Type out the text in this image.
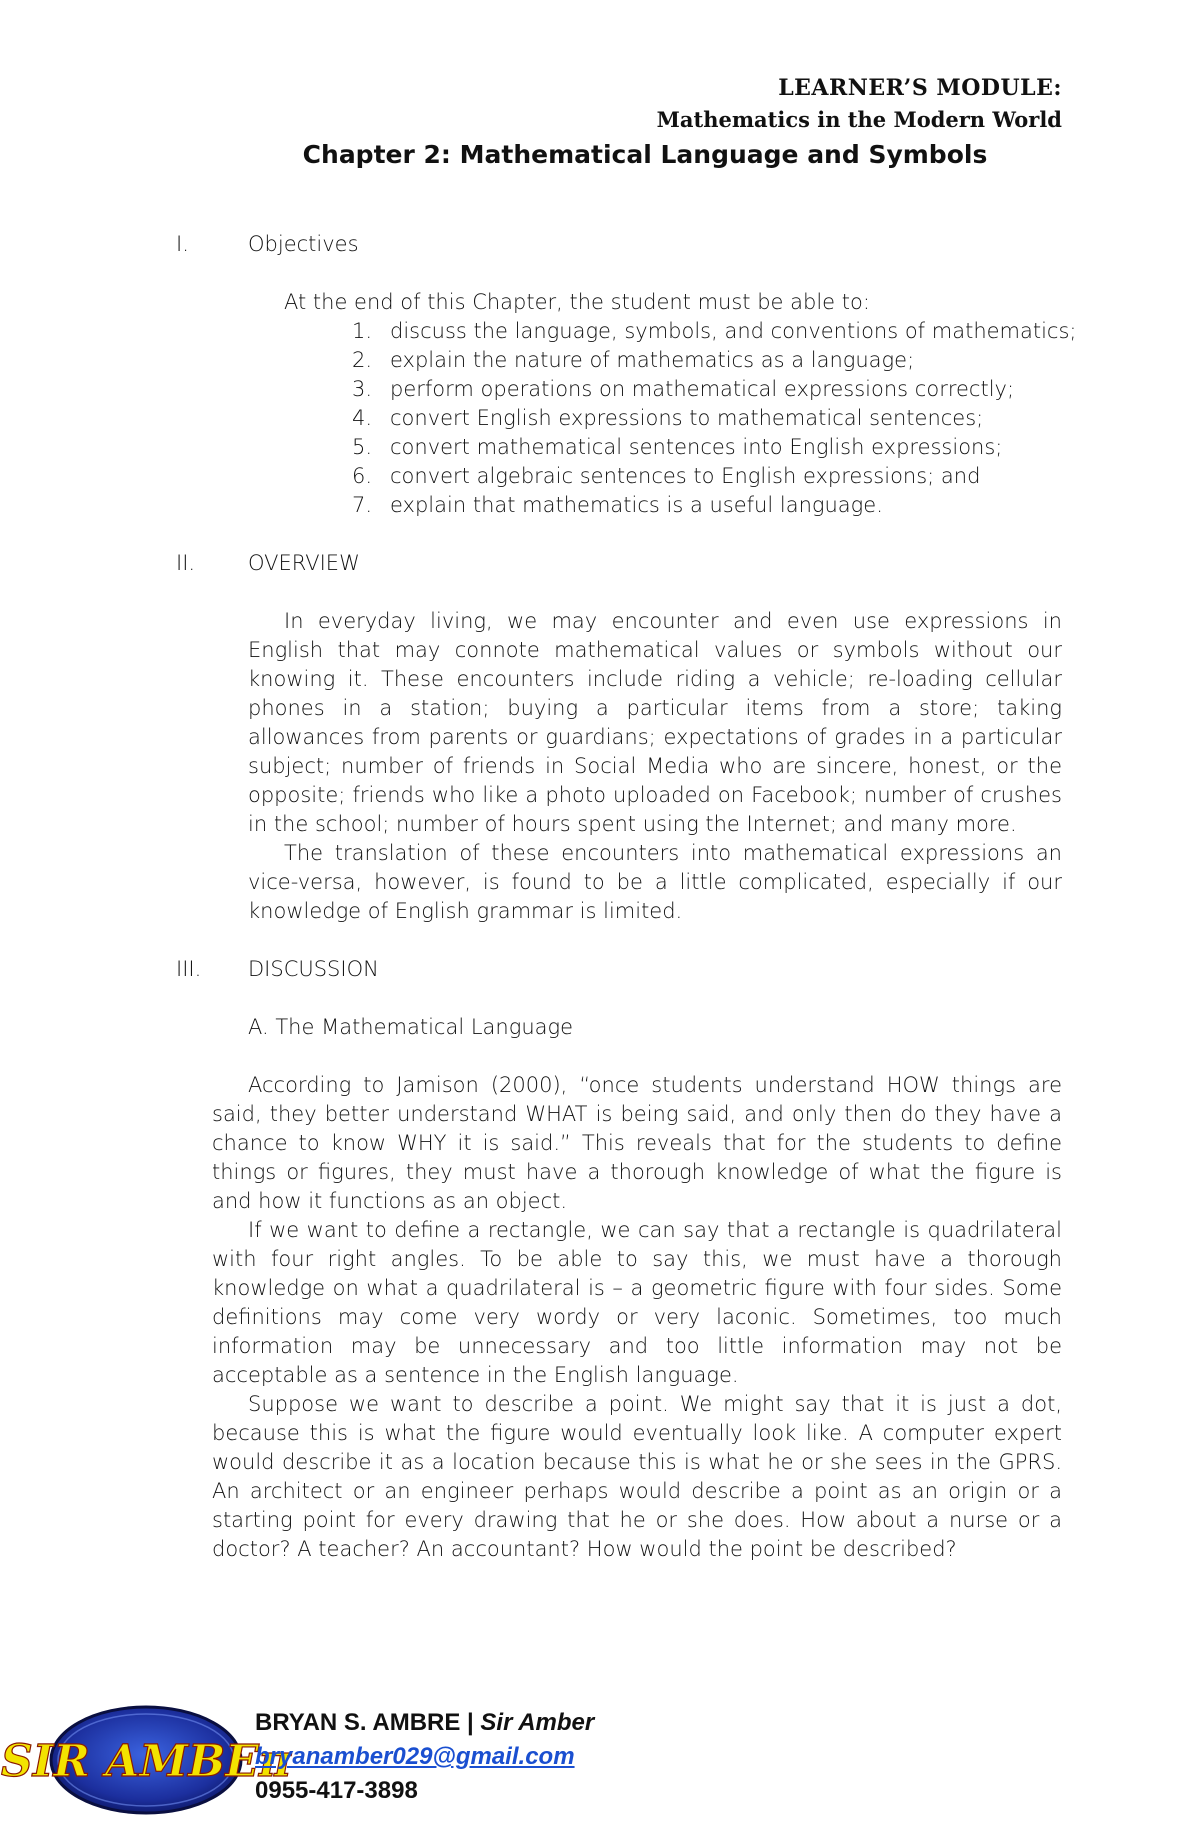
LEARNER’S MODULE:
Mathematics in the Modern World
Chapter 2: Mathematical Language and Symbols
I.	Objectives
At the end of this Chapter, the student must be able to:
1. discuss the language, symbols, and conventions of mathematics;
2. explain the nature of mathematics as a language;
3. perform operations on mathematical expressions correctly;
4. convert English expressions to mathematical sentences;
5. convert mathematical sentences into English expressions;
6. convert algebraic sentences to English expressions; and
7. explain that mathematics is a useful language.
II.	OVERVIEW

In everyday living, we may encounter and even use expressions in English that may connote mathematical values or symbols without our knowing it. These encounters include riding a vehicle; re-loading cellular phones in a station; buying a particular items from a store; taking allowances from parents or guardians; expectations of grades in a particular subject; number of friends in Social Media who are sincere, honest, or the opposite; friends who like a photo uploaded on Facebook; number of crushes in the school; number of hours spent using the Internet; and many more.

The translation of these encounters into mathematical expressions an vice-versa, however, is found to be a little complicated, especially if our knowledge of English grammar is limited.

III. DISCUSSION
A. The Mathematical Language

According to Jamison (2000), “once students understand HOW things are said, they better understand WHAT is being said, and only then do they have a chance to know WHY it is said.” This reveals that for the students to define things or figures, they must have a thorough knowledge of what the figure is and how it functions as an object.

If we want to define a rectangle, we can say that a rectangle is quadrilateral with four right angles. To be able to say this, we must have a thorough knowledge on what a quadrilateral is – a geometric figure with four sides. Some definitions may come very wordy or very laconic. Sometimes, too much information may be unnecessary and too little information may not be acceptable as a sentence in the English language.

Suppose we want to describe a point. We might say that it is just a dot, because this is what the figure would eventually look like. A computer expert would describe it as a location because this is what he or she sees in the GPRS. An architect or an engineer perhaps would describe a point as an origin or a starting point for every drawing that he or she does. How about a nurse or a doctor? A teacher? An accountant? How would the point be described?

SIR AMBEπ
BRYAN S. AMBRE | Sir Amber
bryanamber029@gmail.com
0955-417-3898
